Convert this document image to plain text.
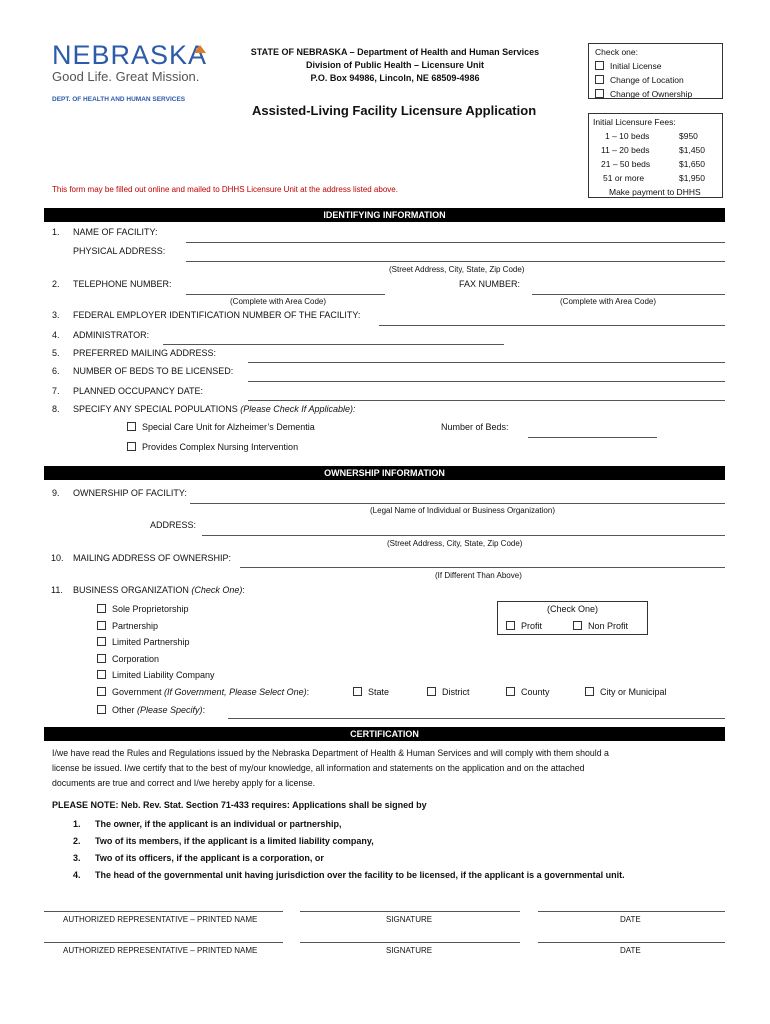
NEBRASKA
Good Life. Great Mission.
DEPT. OF HEALTH AND HUMAN SERVICES
STATE OF NEBRASKA – Department of Health and Human Services
Division of Public Health – Licensure Unit
P.O. Box 94986, Lincoln, NE 68509-4986
Assisted-Living Facility Licensure Application
This form may be filled out online and mailed to DHHS Licensure Unit at the address listed above.
Check one:
Initial License
Change of Location
Change of Ownership
Initial Licensure Fees:
1 – 10 beds	$950
11 – 20 beds	$1,450
21 – 50 beds	$1,650
51 or more	$1,950
Make payment to DHHS
IDENTIFYING INFORMATION
1. NAME OF FACILITY:
PHYSICAL ADDRESS:
(Street Address, City, State, Zip Code)
2. TELEPHONE NUMBER:	FAX NUMBER:
(Complete with Area Code)	(Complete with Area Code)
3. FEDERAL EMPLOYER IDENTIFICATION NUMBER OF THE FACILITY:
4. ADMINISTRATOR:
5. PREFERRED MAILING ADDRESS:
6. NUMBER OF BEDS TO BE LICENSED:
7. PLANNED OCCUPANCY DATE:
8. SPECIFY ANY SPECIAL POPULATIONS (Please Check If Applicable):
Special Care Unit for Alzheimer’s Dementia	Number of Beds:
Provides Complex Nursing Intervention
OWNERSHIP INFORMATION
9. OWNERSHIP OF FACILITY:
(Legal Name of Individual or Business Organization)
ADDRESS:
(Street Address, City, State, Zip Code)
10. MAILING ADDRESS OF OWNERSHIP:
(If Different Than Above)
11. BUSINESS ORGANIZATION (Check One):
Sole Proprietorship
Partnership
Limited Partnership
Corporation
Limited Liability Company
Government (If Government, Please Select One):	State	District	County	City or Municipal
Other (Please Specify):
(Check One)
Profit	Non Profit
CERTIFICATION
I/we have read the Rules and Regulations issued by the Nebraska Department of Health & Human Services and will comply with them should a
license be issued. I/we certify that to the best of my/our knowledge, all information and statements on the application and on the attached
documents are true and correct and I/we hereby apply for a license.
PLEASE NOTE: Neb. Rev. Stat. Section 71-433 requires: Applications shall be signed by
1. The owner, if the applicant is an individual or partnership,
2. Two of its members, if the applicant is a limited liability company,
3. Two of its officers, if the applicant is a corporation, or
4. The head of the governmental unit having jurisdiction over the facility to be licensed, if the applicant is a governmental unit.
AUTHORIZED REPRESENTATIVE – PRINTED NAME	SIGNATURE	DATE
AUTHORIZED REPRESENTATIVE – PRINTED NAME	SIGNATURE	DATE
